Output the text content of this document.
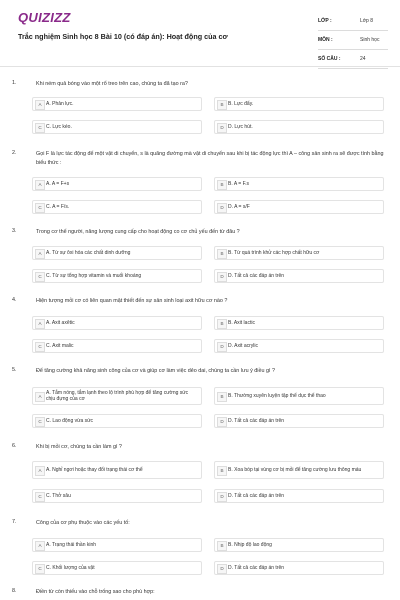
QUIZIZZ
Trắc nghiệm Sinh học 8 Bài 10 (có đáp án): Hoạt động của cơ
LỚP :	Lớp 8
MÔN :	Sinh học
SỐ CÂU :	24
1.	Khi ném quả bóng vào một rổ treo trên cao, chúng ta đã tạo ra?
A A. Phản lực.	B B. Lực đẩy.
C C. Lực kéo.	D D. Lực hút.
2.	Gọi F là lực tác động để một vật di chuyển, s là quãng đường mà vật di chuyển sau khi bị tác động lực thì A – công sản sinh ra sẽ được tính bằng biểu thức :
A A. A = F+s	B B. A = F.s
C C. A = F/s.	D D. A = s/F
3.	Trong cơ thể người, năng lượng cung cấp cho hoạt động co cơ chủ yếu đến từ đâu ?
A A. Từ sự ôxi hóa các chất dinh dưỡng	B B. Từ quá trình khử các hợp chất hữu cơ
C C. Từ sự tổng hợp vitamin và muối khoáng	D D. Tất cả các đáp án trên
4.	Hiện tượng mỏi cơ có liên quan mật thiết đến sự sản sinh loại axit hữu cơ nào ?
A A. Axit axêtic	B B. Axit lactic
C C. Axit malic	D D. Axit acrylic
5.	Để tăng cường khả năng sinh công của cơ và giúp cơ làm việc dẻo dai, chúng ta cần lưu ý điều gì ?
A
A. Tắm nóng, tắm lạnh theo lộ trình phù hợp để tăng cường sức chịu đựng của cơ	B B. Thường xuyên luyện tập thể dục thể thao
C C. Lao động vừa sức	D D. Tất cả các đáp án trên
6.	Khi bị mỏi cơ, chúng ta cần làm gì ?
A A. Nghỉ ngơi hoặc thay đổi trạng thái cơ thể	B B. Xoa bóp tại vùng cơ bị mỏi để tăng cường lưu thông máu
C C. Thở sâu	D D. Tất cả các đáp án trên
7.	Công của cơ phụ thuộc vào các yếu tố:
A A. Trạng thái thần kinh	B B. Nhịp độ lao động
C C. Khối lượng của vật	D D. Tất cả các đáp án trên
8.	Điền từ còn thiếu vào chỗ trống sao cho phù hợp:
